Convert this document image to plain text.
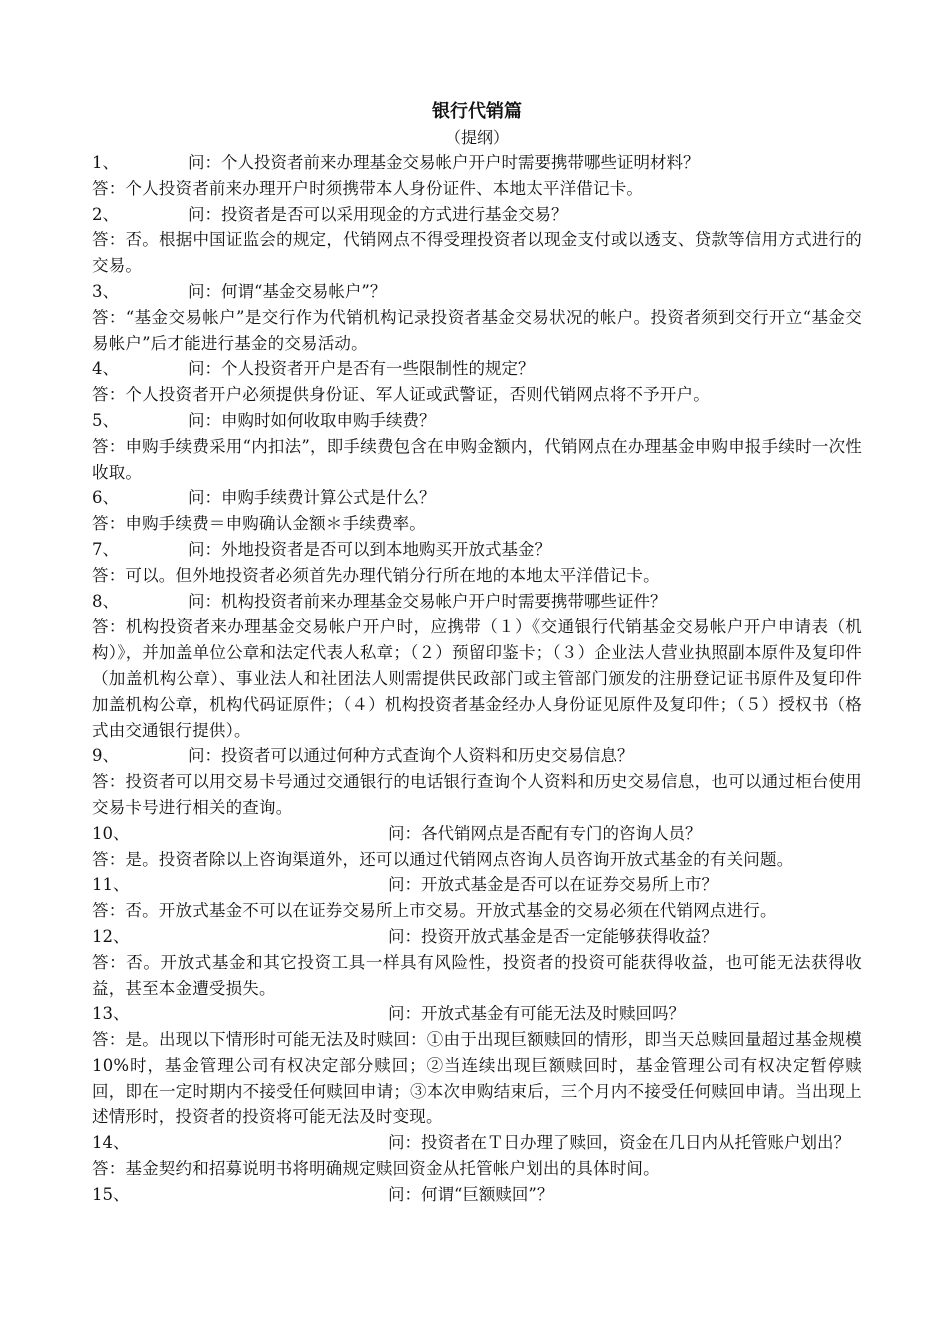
银行代销篇
（提纲）
1、	问：个人投资者前来办理基金交易帐户开户时需要携带哪些证明材料？
答：个人投资者前来办理开户时须携带本人身份证件、本地太平洋借记卡。
2、	问：投资者是否可以采用现金的方式进行基金交易？
答：否。根据中国证监会的规定，代销网点不得受理投资者以现金支付或以透支、贷款等信用方式进行的交易。
3、	问：何谓“基金交易帐户”？
答：“基金交易帐户”是交行作为代销机构记录投资者基金交易状况的帐户。投资者须到交行开立“基金交易帐户”后才能进行基金的交易活动。
4、	问：个人投资者开户是否有一些限制性的规定？
答：个人投资者开户必须提供身份证、军人证或武警证，否则代销网点将不予开户。
5、	问：申购时如何收取申购手续费？
答：申购手续费采用“内扣法”，即手续费包含在申购金额内，代销网点在办理基金申购申报手续时一次性收取。
6、	问：申购手续费计算公式是什么？
答：申购手续费＝申购确认金额＊手续费率。
7、	问：外地投资者是否可以到本地购买开放式基金？
答：可以。但外地投资者必须首先办理代销分行所在地的本地太平洋借记卡。
8、	问：机构投资者前来办理基金交易帐户开户时需要携带哪些证件？
答：机构投资者来办理基金交易帐户开户时，应携带（１）《交通银行代销基金交易帐户开户申请表（机构）》，并加盖单位公章和法定代表人私章；（２）预留印鉴卡；（３）企业法人营业执照副本原件及复印件（加盖机构公章）、事业法人和社团法人则需提供民政部门或主管部门颁发的注册登记证书原件及复印件加盖机构公章，机构代码证原件；（４）机构投资者基金经办人身份证见原件及复印件；（５）授权书（格式由交通银行提供）。
9、	问：投资者可以通过何种方式查询个人资料和历史交易信息？
答：投资者可以用交易卡号通过交通银行的电话银行查询个人资料和历史交易信息，也可以通过柜台使用交易卡号进行相关的查询。
10、	问：各代销网点是否配有专门的咨询人员？
答：是。投资者除以上咨询渠道外，还可以通过代销网点咨询人员咨询开放式基金的有关问题。
11、	问：开放式基金是否可以在证券交易所上市？
答：否。开放式基金不可以在证券交易所上市交易。开放式基金的交易必须在代销网点进行。
12、	问：投资开放式基金是否一定能够获得收益？
答：否。开放式基金和其它投资工具一样具有风险性，投资者的投资可能获得收益，也可能无法获得收益，甚至本金遭受损失。
13、	问：开放式基金有可能无法及时赎回吗？
答：是。出现以下情形时可能无法及时赎回：①由于出现巨额赎回的情形，即当天总赎回量超过基金规模10%时，基金管理公司有权决定部分赎回；②当连续出现巨额赎回时，基金管理公司有权决定暂停赎回，即在一定时期内不接受任何赎回申请；③本次申购结束后，三个月内不接受任何赎回申请。当出现上述情形时，投资者的投资将可能无法及时变现。
14、	问：投资者在Ｔ日办理了赎回，资金在几日内从托管账户划出？
答：基金契约和招募说明书将明确规定赎回资金从托管帐户划出的具体时间。
15、	问：何谓“巨额赎回”？
